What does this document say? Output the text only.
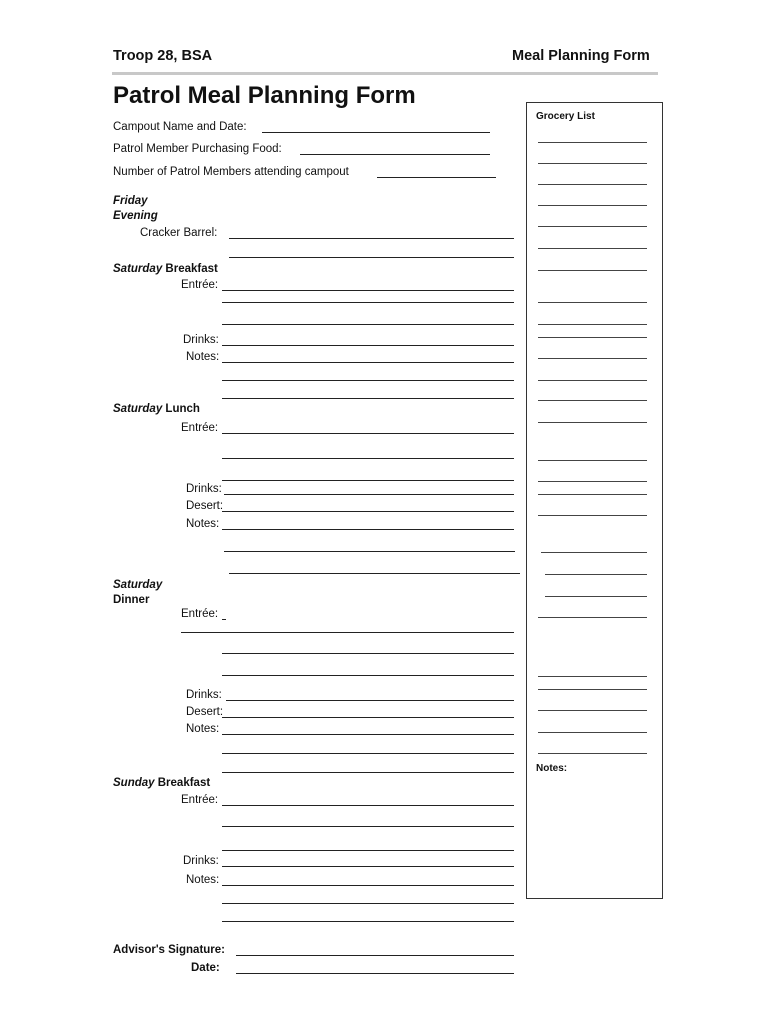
Troop 28, BSA	Meal Planning Form
Patrol Meal Planning Form
Campout Name and Date:
Patrol Member Purchasing Food:
Number of Patrol Members attending campout
Friday
Evening
Cracker Barrel:
Saturday Breakfast
Entrée:
Drinks:
Notes:
Saturday Lunch
Entrée:
Drinks:
Desert:
Notes:
Saturday
Dinner
Entrée:
Drinks:
Desert:
Notes:
Sunday Breakfast
Entrée:
Drinks:
Notes:
Advisor's Signature:
Date:
Grocery List
Notes:
